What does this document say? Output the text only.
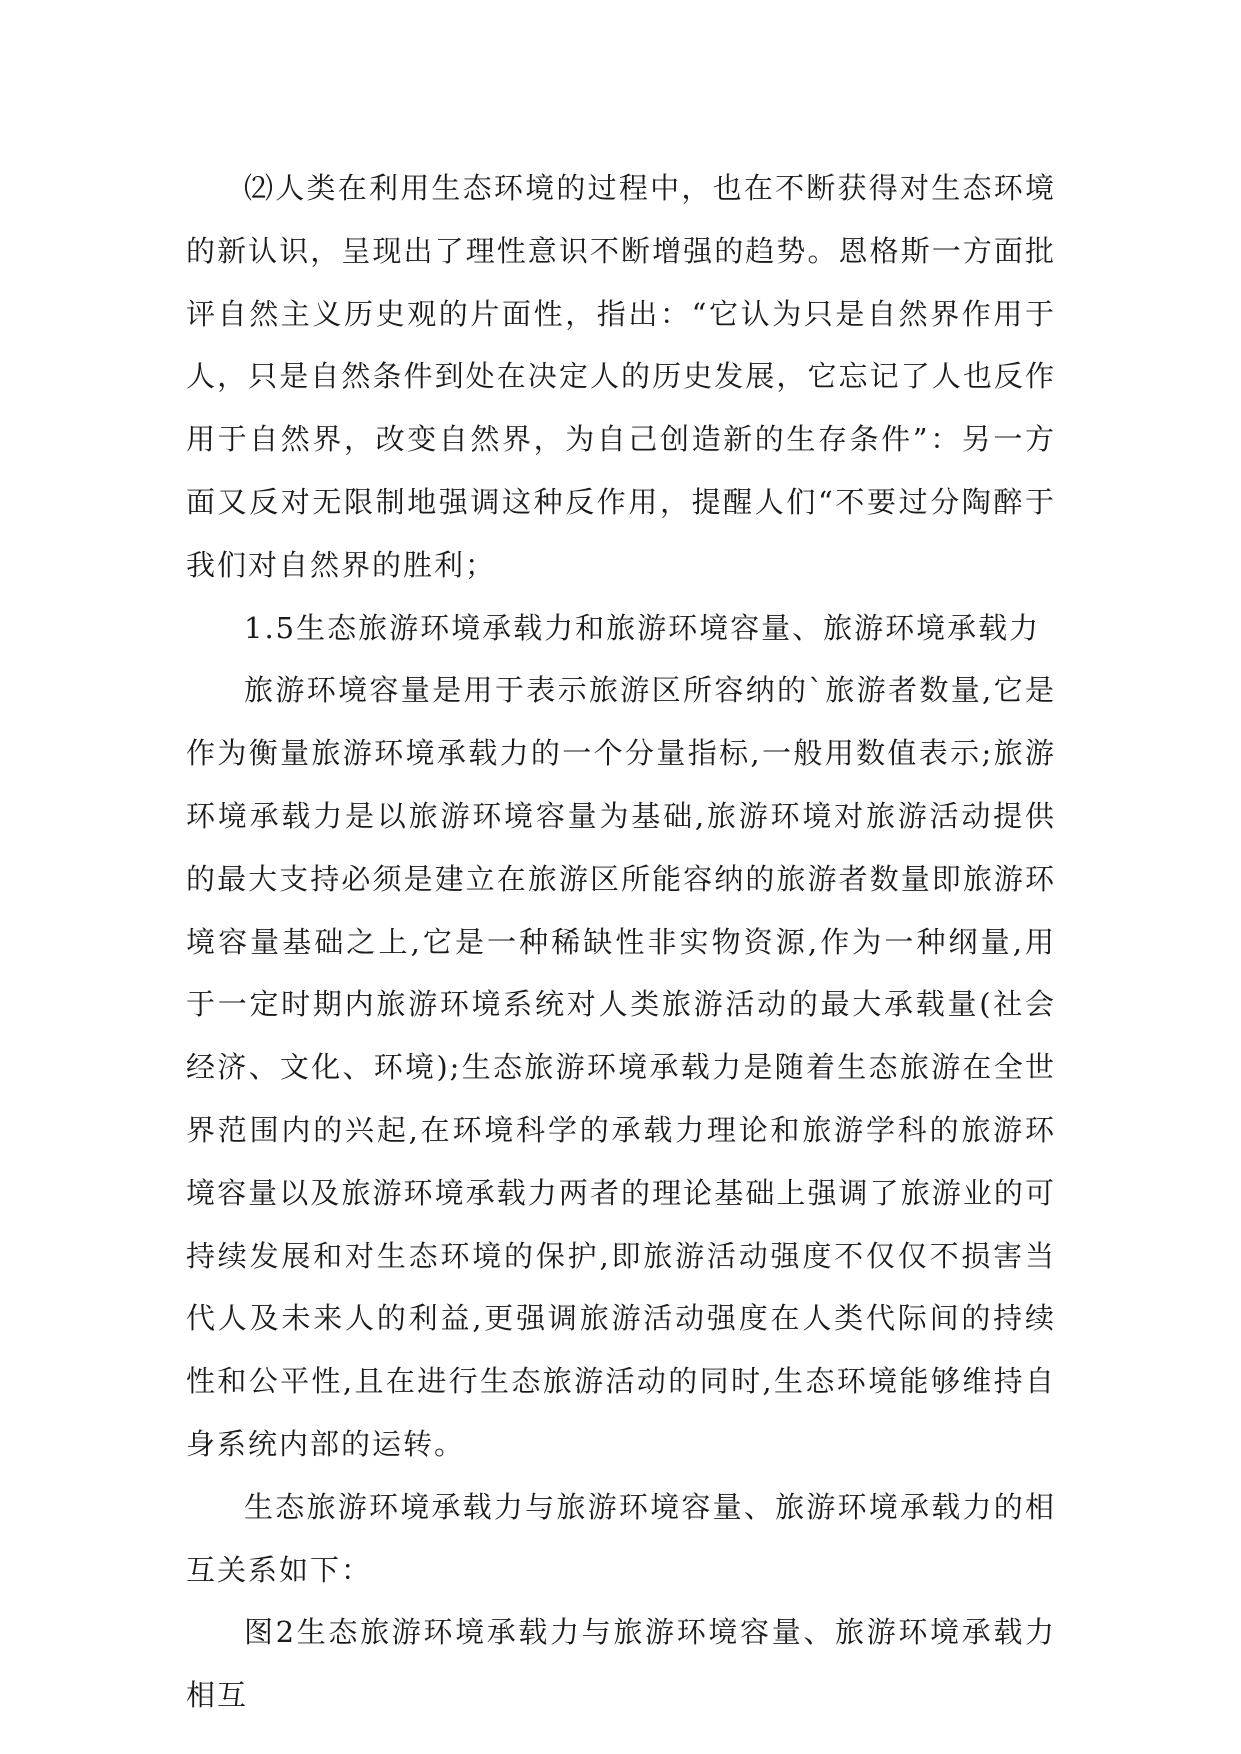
⑵人类在利用生态环境的过程中，也在不断获得对生态环境的新认识，呈现出了理性意识不断增强的趋势。恩格斯一方面批评自然主义历史观的片面性，指出：“它认为只是自然界作用于人，只是自然条件到处在决定人的历史发展，它忘记了人也反作用于自然界，改变自然界，为自己创造新的生存条件”：另一方面又反对无限制地强调这种反作用，提醒人们“不要过分陶醉于我们对自然界的胜利；

1.5生态旅游环境承载力和旅游环境容量、旅游环境承载力

旅游环境容量是用于表示旅游区所容纳的`旅游者数量,它是作为衡量旅游环境承载力的一个分量指标,一般用数值表示;旅游环境承载力是以旅游环境容量为基础,旅游环境对旅游活动提供的最大支持必须是建立在旅游区所能容纳的旅游者数量即旅游环境容量基础之上,它是一种稀缺性非实物资源,作为一种纲量,用于一定时期内旅游环境系统对人类旅游活动的最大承载量(社会经济、文化、环境);生态旅游环境承载力是随着生态旅游在全世界范围内的兴起,在环境科学的承载力理论和旅游学科的旅游环境容量以及旅游环境承载力两者的理论基础上强调了旅游业的可持续发展和对生态环境的保护,即旅游活动强度不仅仅不损害当代人及未来人的利益,更强调旅游活动强度在人类代际间的持续性和公平性,且在进行生态旅游活动的同时,生态环境能够维持自身系统内部的运转。

生态旅游环境承载力与旅游环境容量、旅游环境承载力的相互关系如下：

图2生态旅游环境承载力与旅游环境容量、旅游环境承载力相互
